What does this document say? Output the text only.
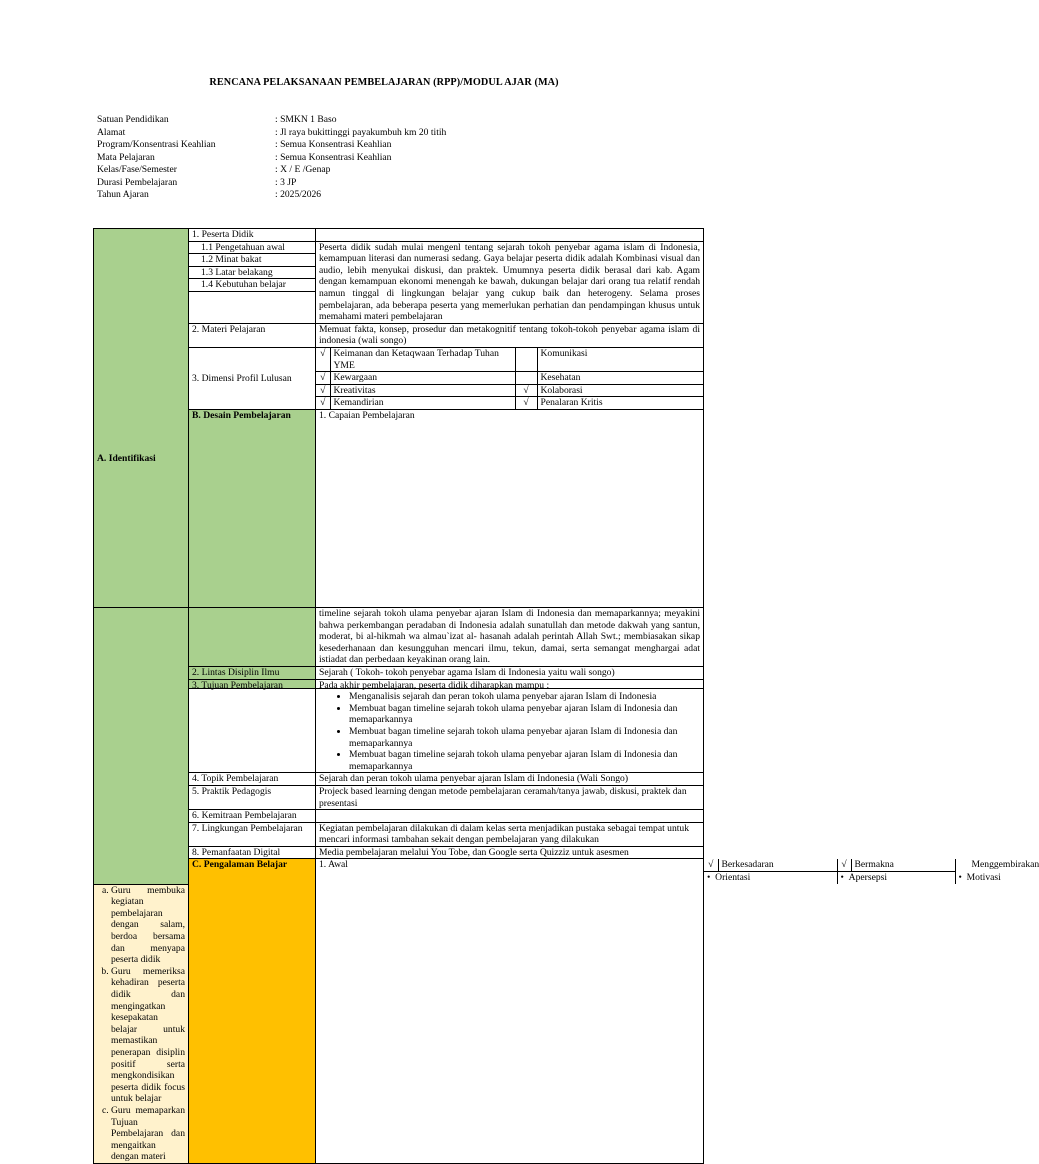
RENCANA PELAKSANAAN PEMBELAJARAN (RPP)/MODUL AJAR (MA)
Satuan Pendidikan	: SMKN 1 Baso
Alamat	: Jl raya bukittinggi payakumbuh km 20 titih
Program/Konsentrasi Keahlian	: Semua Konsentrasi Keahlian
Mata Pelajaran	: Semua Konsentrasi Keahlian
Kelas/Fase/Semester	: X / E /Genap
Durasi Pembelajaran	: 3 JP
Tahun Ajaran	: 2025/2026
A. Identifikasi	
1. Peserta Didik
1.1 Pengetahuan awal
1.2 Minat bakat
1.3 Latar belakang
1.4 Kebutuhan belajar

Peserta didik sudah mulai mengenl tentang sejarah tokoh penyebar agama islam di Indonesia, kemampuan literasi dan numerasi sedang. Gaya belajar peserta didik adalah Kombinasi visual dan audio, lebih menyukai diskusi, dan praktek. Umumnya peserta didik berasal dari kab. Agam dengan kemampuan ekonomi menengah ke bawah, dukungan belajar dari orang tua relatif rendah namun tinggal di lingkungan belajar yang cukup baik dan heterogeny. Selama proses pembelajaran, ada beberapa peserta yang memerlukan perhatian dan pendampingan khusus untuk memahami materi pembelajaran

2. Materi Pelajaran	Memuat fakta, konsep, prosedur dan metakognitif tentang tokoh-tokoh penyebar agama islam di indonesia (wali songo)
3. Dimensi Profil Lulusan	
√	Keimanan dan Ketaqwaan Terhadap Tuhan YME		Komunikasi
√	Kewargaan		Kesehatan
√	Kreativitas	√	Kolaborasi
√	Kemandirian	√	Penalaran Kritis

B. Desain Pembelajaran	1. Capaian Pembelajaran	
		timeline sejarah tokoh ulama penyebar ajaran Islam di Indonesia dan memaparkannya; meyakini bahwa perkembangan peradaban di Indonesia adalah sunatullah dan metode dakwah yang santun, moderat, bi al-hikmah wa almau`izat al- hasanah adalah perintah Allah Swt.; membiasakan sikap kesederhanaan dan kesungguhan mencari ilmu, tekun, damai, serta semangat menghargai adat istiadat dan perbedaan keyakinan orang lain.
2. Lintas Disiplin Ilmu	Sejarah ( Tokoh- tokoh penyebar agama Islam di Indonesia yaitu wali songo)
3. Tujuan Pembelajaran	Pada akhir pembelajaran, peserta didik diharapkan mampu :
• Menganalisis sejarah dan peran tokoh ulama penyebar ajaran Islam di Indonesia
• Membuat bagan timeline sejarah tokoh ulama penyebar ajaran Islam di Indonesia dan memaparkannya
• Membuat bagan timeline sejarah tokoh ulama penyebar ajaran Islam di Indonesia dan memaparkannya
• Membuat bagan timeline sejarah tokoh ulama penyebar ajaran Islam di Indonesia dan memaparkannya

4. Topik Pembelajaran	Sejarah dan peran tokoh ulama penyebar ajaran Islam di Indonesia (Wali Songo)
5. Praktik Pedagogis	Projeck based learning dengan metode pembelajaran ceramah/tanya jawab, diskusi, praktek dan presentasi
6. Kemitraan Pembelajaran	
7. Lingkungan Pembelajaran	Kegiatan pembelajaran dilakukan di dalam kelas serta menjadikan pustaka sebagai tempat untuk mencari informasi tambahan sekait dengan pembelajaran yang dilakukan
8. Pemanfaatan Digital	Media pembelajaran melalui You Tobe, dan Google serta Quizziz untuk asesmen
C. Pengalaman Belajar	1. Awal		√	Berkesadaran	√	Bermakna	Menggembirakan
• Orientasi	• Apersepsi	• Motivasi

a. Guru membuka kegiatan pembelajaran dengan salam, berdoa bersama dan menyapa peserta didik
b. Guru memeriksa kehadiran peserta didik dan mengingatkan kesepakatan belajar untuk memastikan penerapan disiplin positif serta mengkondisikan peserta didik focus untuk belajar
c. Guru memaparkan Tujuan Pembelajaran dan mengaitkan dengan materi
